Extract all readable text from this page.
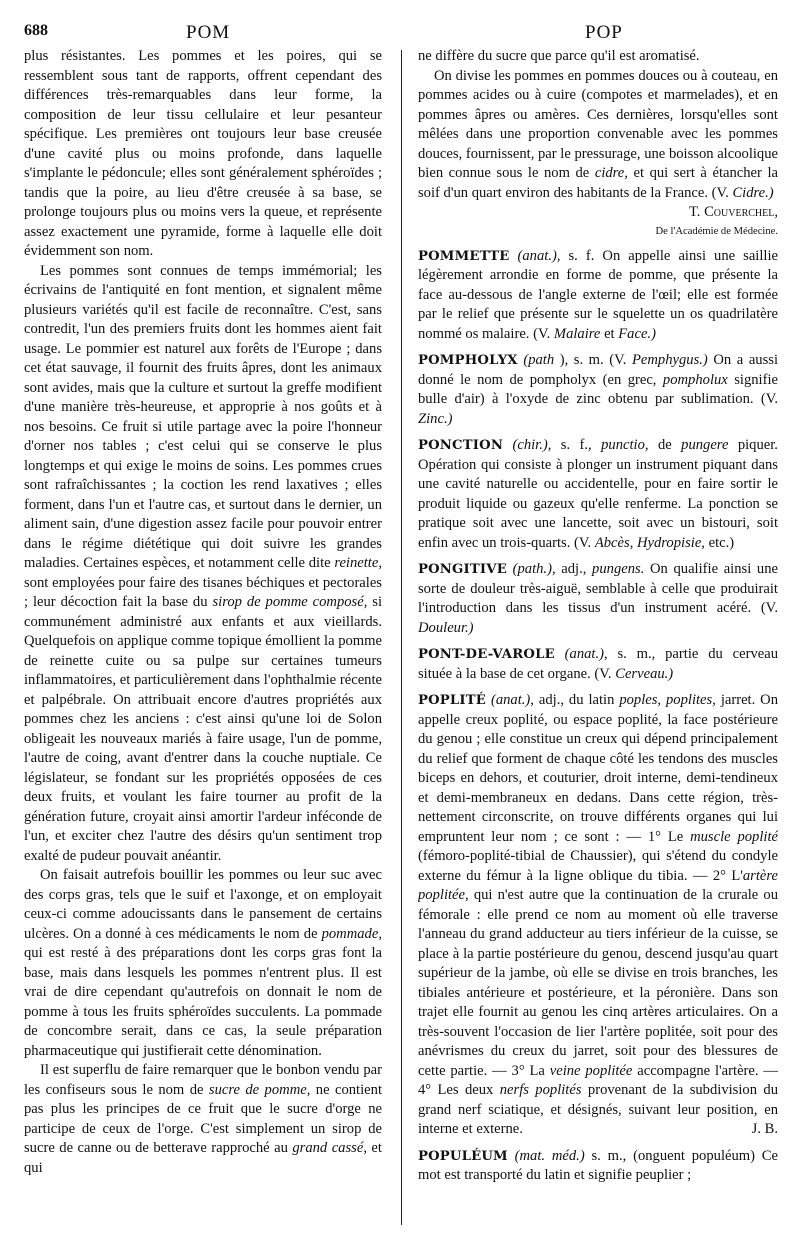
688	POM	POP

plus résistantes. Les pommes et les poires, qui se ressemblent sous tant de rapports, offrent cependant des différences très-remarquables dans leur forme, la composition de leur tissu cellulaire et leur pesanteur spécifique. Les premières ont toujours leur base creusée d'une cavité plus ou moins profonde, dans laquelle s'implante le pédoncule; elles sont généralement sphéroïdes ; tandis que la poire, au lieu d'être creusée à sa base, se prolonge toujours plus ou moins vers la queue, et représente assez exactement une pyramide, forme à laquelle elle doit évidemment son nom.

Les pommes sont connues de temps immémorial; les écrivains de l'antiquité en font mention, et signalent même plusieurs variétés qu'il est facile de reconnaître. C'est, sans contredit, l'un des premiers fruits dont les hommes aient fait usage. Le pommier est naturel aux forêts de l'Europe ; dans cet état sauvage, il fournit des fruits âpres, dont les animaux sont avides, mais que la culture et surtout la greffe modifient d'une manière très-heureuse, et approprie à nos goûts et à nos besoins. Ce fruit si utile partage avec la poire l'honneur d'orner nos tables ; c'est celui qui se conserve le plus longtemps et qui exige le moins de soins. Les pommes crues sont rafraîchissantes ; la coction les rend laxatives ; elles forment, dans l'un et l'autre cas, et surtout dans le dernier, un aliment sain, d'une digestion assez facile pour pouvoir entrer dans le régime diététique qui doit suivre les grandes maladies. Certaines espèces, et notamment celle dite reinette, sont employées pour faire des tisanes béchiques et pectorales ; leur décoction fait la base du sirop de pomme composé, si communément administré aux enfants et aux vieillards. Quelquefois on applique comme topique émollient la pomme de reinette cuite ou sa pulpe sur certaines tumeurs inflammatoires, et particulièrement dans l'ophthalmie récente et palpébrale. On attribuait encore d'autres propriétés aux pommes chez les anciens : c'est ainsi qu'une loi de Solon obligeait les nouveaux mariés à faire usage, l'un de pomme, l'autre de coing, avant d'entrer dans la couche nuptiale. Ce législateur, se fondant sur les propriétés opposées de ces deux fruits, et voulant les faire tourner au profit de la génération future, croyait ainsi amortir l'ardeur inféconde de l'un, et exciter chez l'autre des désirs qu'un sentiment trop exalté de pudeur pouvait anéantir.

On faisait autrefois bouillir les pommes ou leur suc avec des corps gras, tels que le suif et l'axonge, et on employait ceux-ci comme adoucissants dans le pansement de certains ulcères. On a donné à ces médicaments le nom de pommade, qui est resté à des préparations dont les corps gras font la base, mais dans lesquels les pommes n'entrent plus. Il est vrai de dire cependant qu'autrefois on donnait le nom de pomme à tous les fruits sphéroïdes succulents. La pommade de concombre serait, dans ce cas, la seule préparation pharmaceutique qui justifierait cette dénomination.

Il est superflu de faire remarquer que le bonbon vendu par les confiseurs sous le nom de sucre de pomme, ne contient pas plus les principes de ce fruit que le sucre d'orge ne participe de ceux de l'orge. C'est simplement un sirop de sucre de canne ou de betterave rapproché au grand cassé, et qui

ne diffère du sucre que parce qu'il est aromatisé.

On divise les pommes en pommes douces ou à couteau, en pommes acides ou à cuire (compotes et marmelades), et en pommes âpres ou amères. Ces dernières, lorsqu'elles sont mêlées dans une proportion convenable avec les pommes douces, fournissent, par le pressurage, une boisson alcoolique bien connue sous le nom de cidre, et qui sert à étancher la soif d'un quart environ des habitants de la France. (V. Cidre.)

T. Couverchel,
De l'Académie de Médecine.

POMMETTE (anat.), s. f. On appelle ainsi une saillie légèrement arrondie en forme de pomme, que présente la face au-dessous de l'angle externe de l'œil; elle est formée par le relief que présente sur le squelette un os quadrilatère nommé os malaire. (V. Malaire et Face.)

POMPHOLYX (path ), s. m. (V. Pemphygus.) On a aussi donné le nom de pompholyx (en grec, pompholux signifie bulle d'air) à l'oxyde de zinc obtenu par sublimation. (V. Zinc.)

PONCTION (chir.), s. f., punctio, de pungere piquer. Opération qui consiste à plonger un instrument piquant dans une cavité naturelle ou accidentelle, pour en faire sortir le produit liquide ou gazeux qu'elle renferme. La ponction se pratique soit avec une lancette, soit avec un bistouri, soit enfin avec un trois-quarts. (V. Abcès, Hydropisie, etc.)

PONGITIVE (path.), adj., pungens. On qualifie ainsi une sorte de douleur très-aiguë, semblable à celle que produirait l'introduction dans les tissus d'un instrument acéré. (V. Douleur.)

PONT-DE-VAROLE (anat.), s. m., partie du cerveau située à la base de cet organe. (V. Cerveau.)

POPLITÉ (anat.), adj., du latin poples, poplites, jarret. On appelle creux poplité, ou espace poplité, la face postérieure du genou ; elle constitue un creux qui dépend principalement du relief que forment de chaque côté les tendons des muscles biceps en dehors, et couturier, droit interne, demi-tendineux et demi-membraneux en dedans. Dans cette région, très-nettement circonscrite, on trouve différents organes qui lui empruntent leur nom ; ce sont : — 1° Le muscle poplité (fémoro-poplité-tibial de Chaussier), qui s'étend du condyle externe du fémur à la ligne oblique du tibia. — 2° L'artère poplitée, qui n'est autre que la continuation de la crurale ou fémorale : elle prend ce nom au moment où elle traverse l'anneau du grand adducteur au tiers inférieur de la cuisse, se place à la partie postérieure du genou, descend jusqu'au quart supérieur de la jambe, où elle se divise en trois branches, les tibiales antérieure et postérieure, et la péronière. Dans son trajet elle fournit au genou les cinq artères articulaires. On a très-souvent l'occasion de lier l'artère poplitée, soit pour des anévrismes du creux du jarret, soit pour des blessures de cette partie. — 3° La veine poplitée accompagne l'artère. — 4° Les deux nerfs poplités provenant de la subdivision du grand nerf sciatique, et désignés, suivant leur position, en interne et externe.	J. B.

POPULÉUM (mat. méd.) s. m., (onguent populéum) Ce mot est transporté du latin et signifie peuplier ;
